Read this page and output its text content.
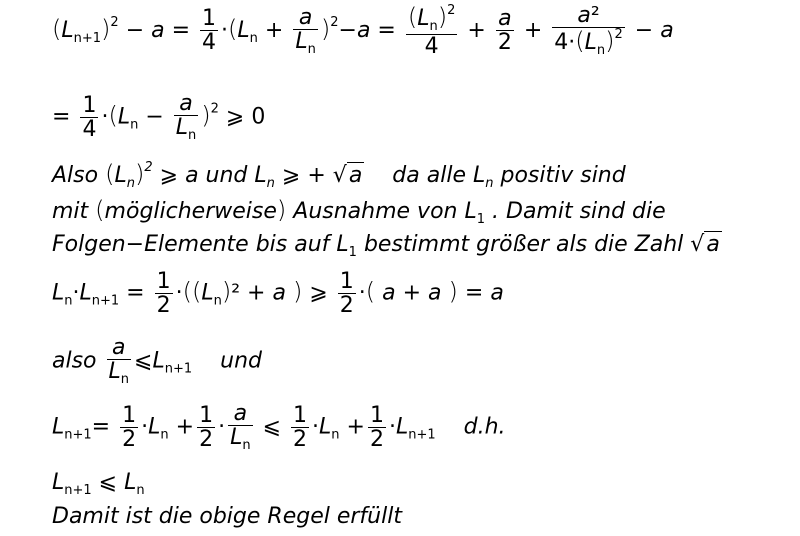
$(L_{n+1})^2 - a = \frac{1}{4} \cdot(L_n + \frac{a}{L_n} )^2-a = \frac{(L_n)^2}{4} + \frac{a}{2} + \frac{\text{a²}}{4\cdot(L_n)^2} - a$
= $\frac{1}{4} \cdot(L_n - \frac{a}{L_n} )^2$ ⩾ 0
Also $(L_n)^2$ ⩾ a und $L_n$ ⩾ + √a da alle $L_n$ positiv sind
mit (möglicherweise) Ausnahme von $L_1$ . Damit sind die
Folgen−Elemente bis auf $L_1$ bestimmt größer als die Zahl √a
$L_n\cdot L_{n+1} = \frac{1}{2} \cdot((L_n)^2 + a$ ) ⩾ $\frac{1}{2}$ ·( a + a ) = a
also $\frac{a}{L_n}$ $⩽L_{n+1}$ und
$L_{n+1}= \frac{1}{2} \cdot L_n + \frac{1}{2} \cdot \frac{a}{L_n}$ ⩽ $\frac{1}{2} \cdot L_n + \frac{1}{2} \cdot L_{n+1}$ d.h.
$L_{n+1}$ ⩽ $L_n$
Damit ist die obige Regel erfüllt
